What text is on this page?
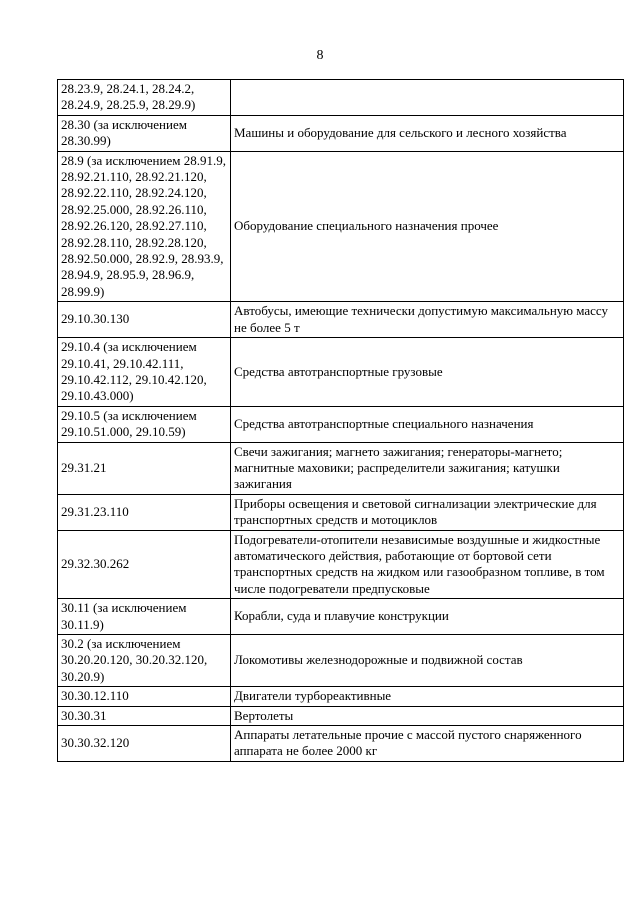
8
28.23.9, 28.24.1, 28.24.2, 28.24.9, 28.25.9, 28.29.9)	
28.30 (за исключением 28.30.99)	Машины и оборудование для сельского и лесного хозяйства
28.9 (за исключением 28.91.9, 28.92.21.110, 28.92.21.120, 28.92.22.110, 28.92.24.120, 28.92.25.000, 28.92.26.110, 28.92.26.120, 28.92.27.110, 28.92.28.110, 28.92.28.120, 28.92.50.000, 28.92.9, 28.93.9, 28.94.9, 28.95.9, 28.96.9, 28.99.9)	Оборудование специального назначения прочее
29.10.30.130	Автобусы, имеющие технически допустимую максимальную массу не более 5 т
29.10.4 (за исключением 29.10.41, 29.10.42.111, 29.10.42.112, 29.10.42.120, 29.10.43.000)	Средства автотранспортные грузовые
29.10.5 (за исключением 29.10.51.000, 29.10.59)	Средства автотранспортные специального назначения
29.31.21	Свечи зажигания; магнето зажигания; генераторы-магнето; магнитные маховики; распределители зажигания; катушки зажигания
29.31.23.110	Приборы освещения и световой сигнализации электрические для транспортных средств и мотоциклов
29.32.30.262	Подогреватели-отопители независимые воздушные и жидкостные автоматического действия, работающие от бортовой сети транспортных средств на жидком или газообразном топливе, в том числе подогреватели предпусковые
30.11 (за исключением 30.11.9)	Корабли, суда и плавучие конструкции
30.2 (за исключением 30.20.20.120, 30.20.32.120, 30.20.9)	Локомотивы железнодорожные и подвижной состав
30.30.12.110	Двигатели турбореактивные
30.30.31	Вертолеты
30.30.32.120	Аппараты летательные прочие с массой пустого снаряженного аппарата не более 2000 кг
